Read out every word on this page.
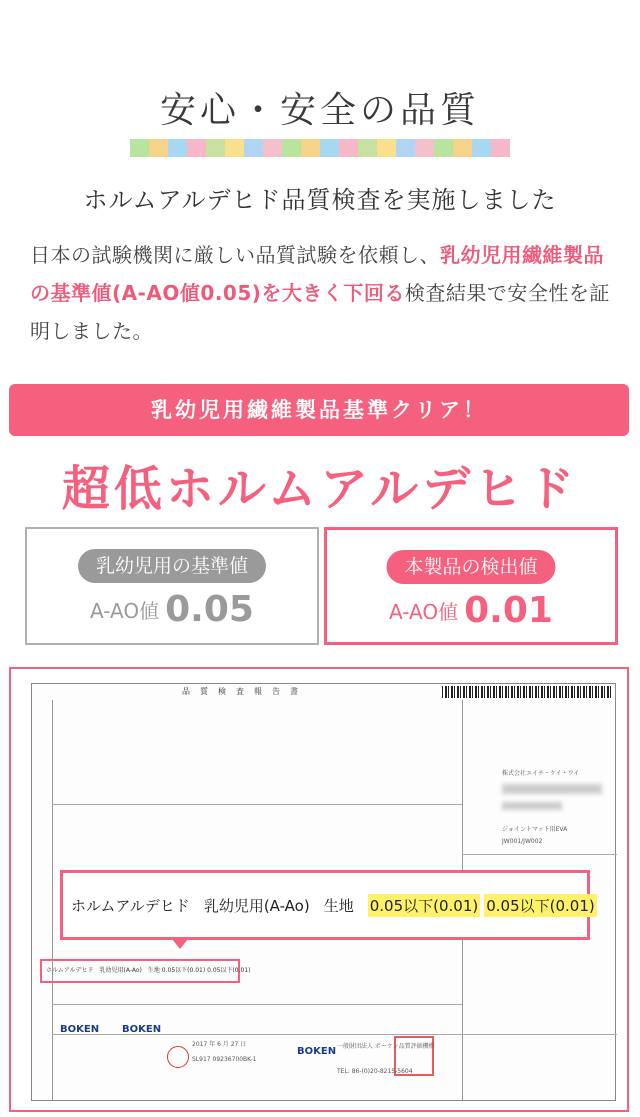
安心・安全の品質
ホルムアルデヒド品質検査を実施しました

日本の試験機関に厳しい品質試験を依頼し、乳幼児用繊維製品の基準値(A-AO値0.05)を大きく下回る検査結果で安全性を証明しました。

乳幼児用繊維製品基準クリア！
超低ホルムアルデヒド
乳幼児用の基準値
A-AO値 0.05
本製品の検出値
A-AO値 0.01
品質検査報告書
株式会社エイチ・ケイ・ワイ
ジョイントマット用EVA
JW001/JW002
ホルムアルデヒド 乳幼児用(A-Ao) 生地 0.05以下(0.01) 0.05以下(0.01)
ホルムアルデヒド　乳幼児用(A-Ao)　生地 0.05以下(0.01) 0.05以下(0.01)
BOKEN BOKEN
2017 年 6 月 27 日
SL917 09236700BK-1
BOKEN 一般財団法人 ボーケン品質評価機構
TEL: 86-(0)20-8215-5604
